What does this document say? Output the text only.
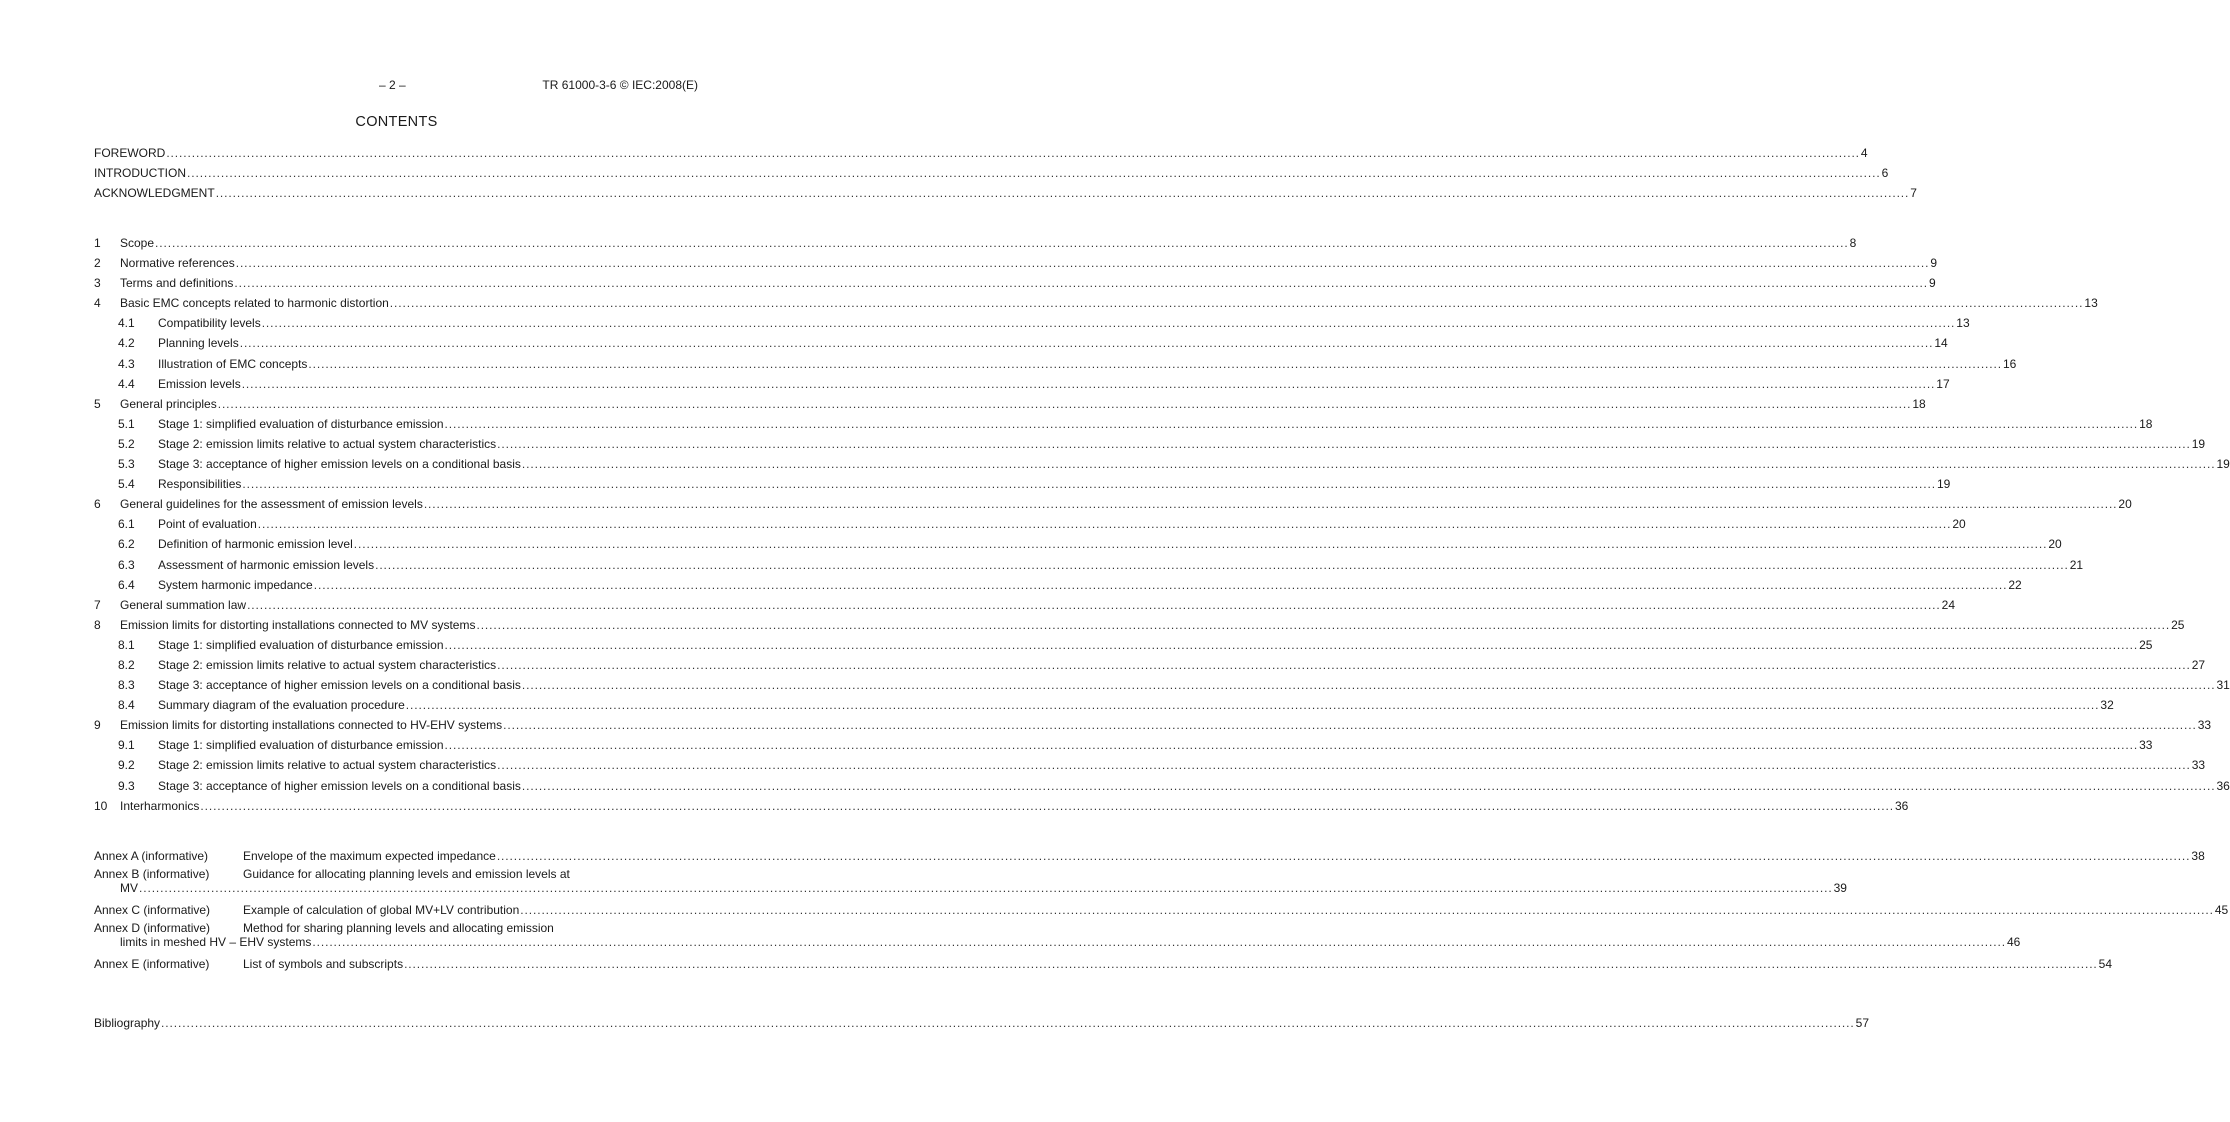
– 2 –	TR 61000-3-6 © IEC:2008(E)
CONTENTS
FOREWORD ................................................................................................................................................................................................................................................................................................................................................................................................................ 4
INTRODUCTION ................................................................................................................................................................................................................................................................................................................................................................................................................ 6
ACKNOWLEDGMENT ................................................................................................................................................................................................................................................................................................................................................................................................................ 7
1 Scope ................................................................................................................................................................................................................................................................................................................................................................................................................ 8
2 Normative references ................................................................................................................................................................................................................................................................................................................................................................................................................ 9
3 Terms and definitions ................................................................................................................................................................................................................................................................................................................................................................................................................ 9
4 Basic EMC concepts related to harmonic distortion ................................................................................................................................................................................................................................................................................................................................................................................................................ 13
4.1 Compatibility levels ................................................................................................................................................................................................................................................................................................................................................................................................................ 13
4.2 Planning levels ................................................................................................................................................................................................................................................................................................................................................................................................................ 14
4.3 Illustration of EMC concepts ................................................................................................................................................................................................................................................................................................................................................................................................................ 16
4.4 Emission levels ................................................................................................................................................................................................................................................................................................................................................................................................................ 17
5 General principles ................................................................................................................................................................................................................................................................................................................................................................................................................ 18
5.1 Stage 1: simplified evaluation of disturbance emission ................................................................................................................................................................................................................................................................................................................................................................................................................ 18
5.2 Stage 2: emission limits relative to actual system characteristics ................................................................................................................................................................................................................................................................................................................................................................................................................ 19
5.3 Stage 3: acceptance of higher emission levels on a conditional basis ................................................................................................................................................................................................................................................................................................................................................................................................................ 19
5.4 Responsibilities ................................................................................................................................................................................................................................................................................................................................................................................................................ 19
6 General guidelines for the assessment of emission levels ................................................................................................................................................................................................................................................................................................................................................................................................................ 20
6.1 Point of evaluation ................................................................................................................................................................................................................................................................................................................................................................................................................ 20
6.2 Definition of harmonic emission level ................................................................................................................................................................................................................................................................................................................................................................................................................ 20
6.3 Assessment of harmonic emission levels ................................................................................................................................................................................................................................................................................................................................................................................................................ 21
6.4 System harmonic impedance ................................................................................................................................................................................................................................................................................................................................................................................................................ 22
7 General summation law ................................................................................................................................................................................................................................................................................................................................................................................................................ 24
8 Emission limits for distorting installations connected to MV systems ................................................................................................................................................................................................................................................................................................................................................................................................................ 25
8.1 Stage 1: simplified evaluation of disturbance emission ................................................................................................................................................................................................................................................................................................................................................................................................................ 25
8.2 Stage 2: emission limits relative to actual system characteristics ................................................................................................................................................................................................................................................................................................................................................................................................................ 27
8.3 Stage 3: acceptance of higher emission levels on a conditional basis ................................................................................................................................................................................................................................................................................................................................................................................................................ 31
8.4 Summary diagram of the evaluation procedure ................................................................................................................................................................................................................................................................................................................................................................................................................ 32
9 Emission limits for distorting installations connected to HV-EHV systems ................................................................................................................................................................................................................................................................................................................................................................................................................ 33
9.1 Stage 1: simplified evaluation of disturbance emission ................................................................................................................................................................................................................................................................................................................................................................................................................ 33
9.2 Stage 2: emission limits relative to actual system characteristics ................................................................................................................................................................................................................................................................................................................................................................................................................ 33
9.3 Stage 3: acceptance of higher emission levels on a conditional basis ................................................................................................................................................................................................................................................................................................................................................................................................................ 36
10 Interharmonics ................................................................................................................................................................................................................................................................................................................................................................................................................ 36
Annex A (informative)	Envelope of the maximum expected impedance ................................................................................................................................................................................................................................................................................................................................................................................................................ 38
Annex B (informative)	Guidance for allocating planning levels and emission levels at
MV ................................................................................................................................................................................................................................................................................................................................................................................................................ 39
Annex C (informative)	Example of calculation of global MV+LV contribution ................................................................................................................................................................................................................................................................................................................................................................................................................ 45
Annex D (informative)	Method for sharing planning levels and allocating emission
limits in meshed HV – EHV systems ................................................................................................................................................................................................................................................................................................................................................................................................................ 46
Annex E (informative)	List of symbols and subscripts ................................................................................................................................................................................................................................................................................................................................................................................................................ 54
Bibliography ................................................................................................................................................................................................................................................................................................................................................................................................................ 57
